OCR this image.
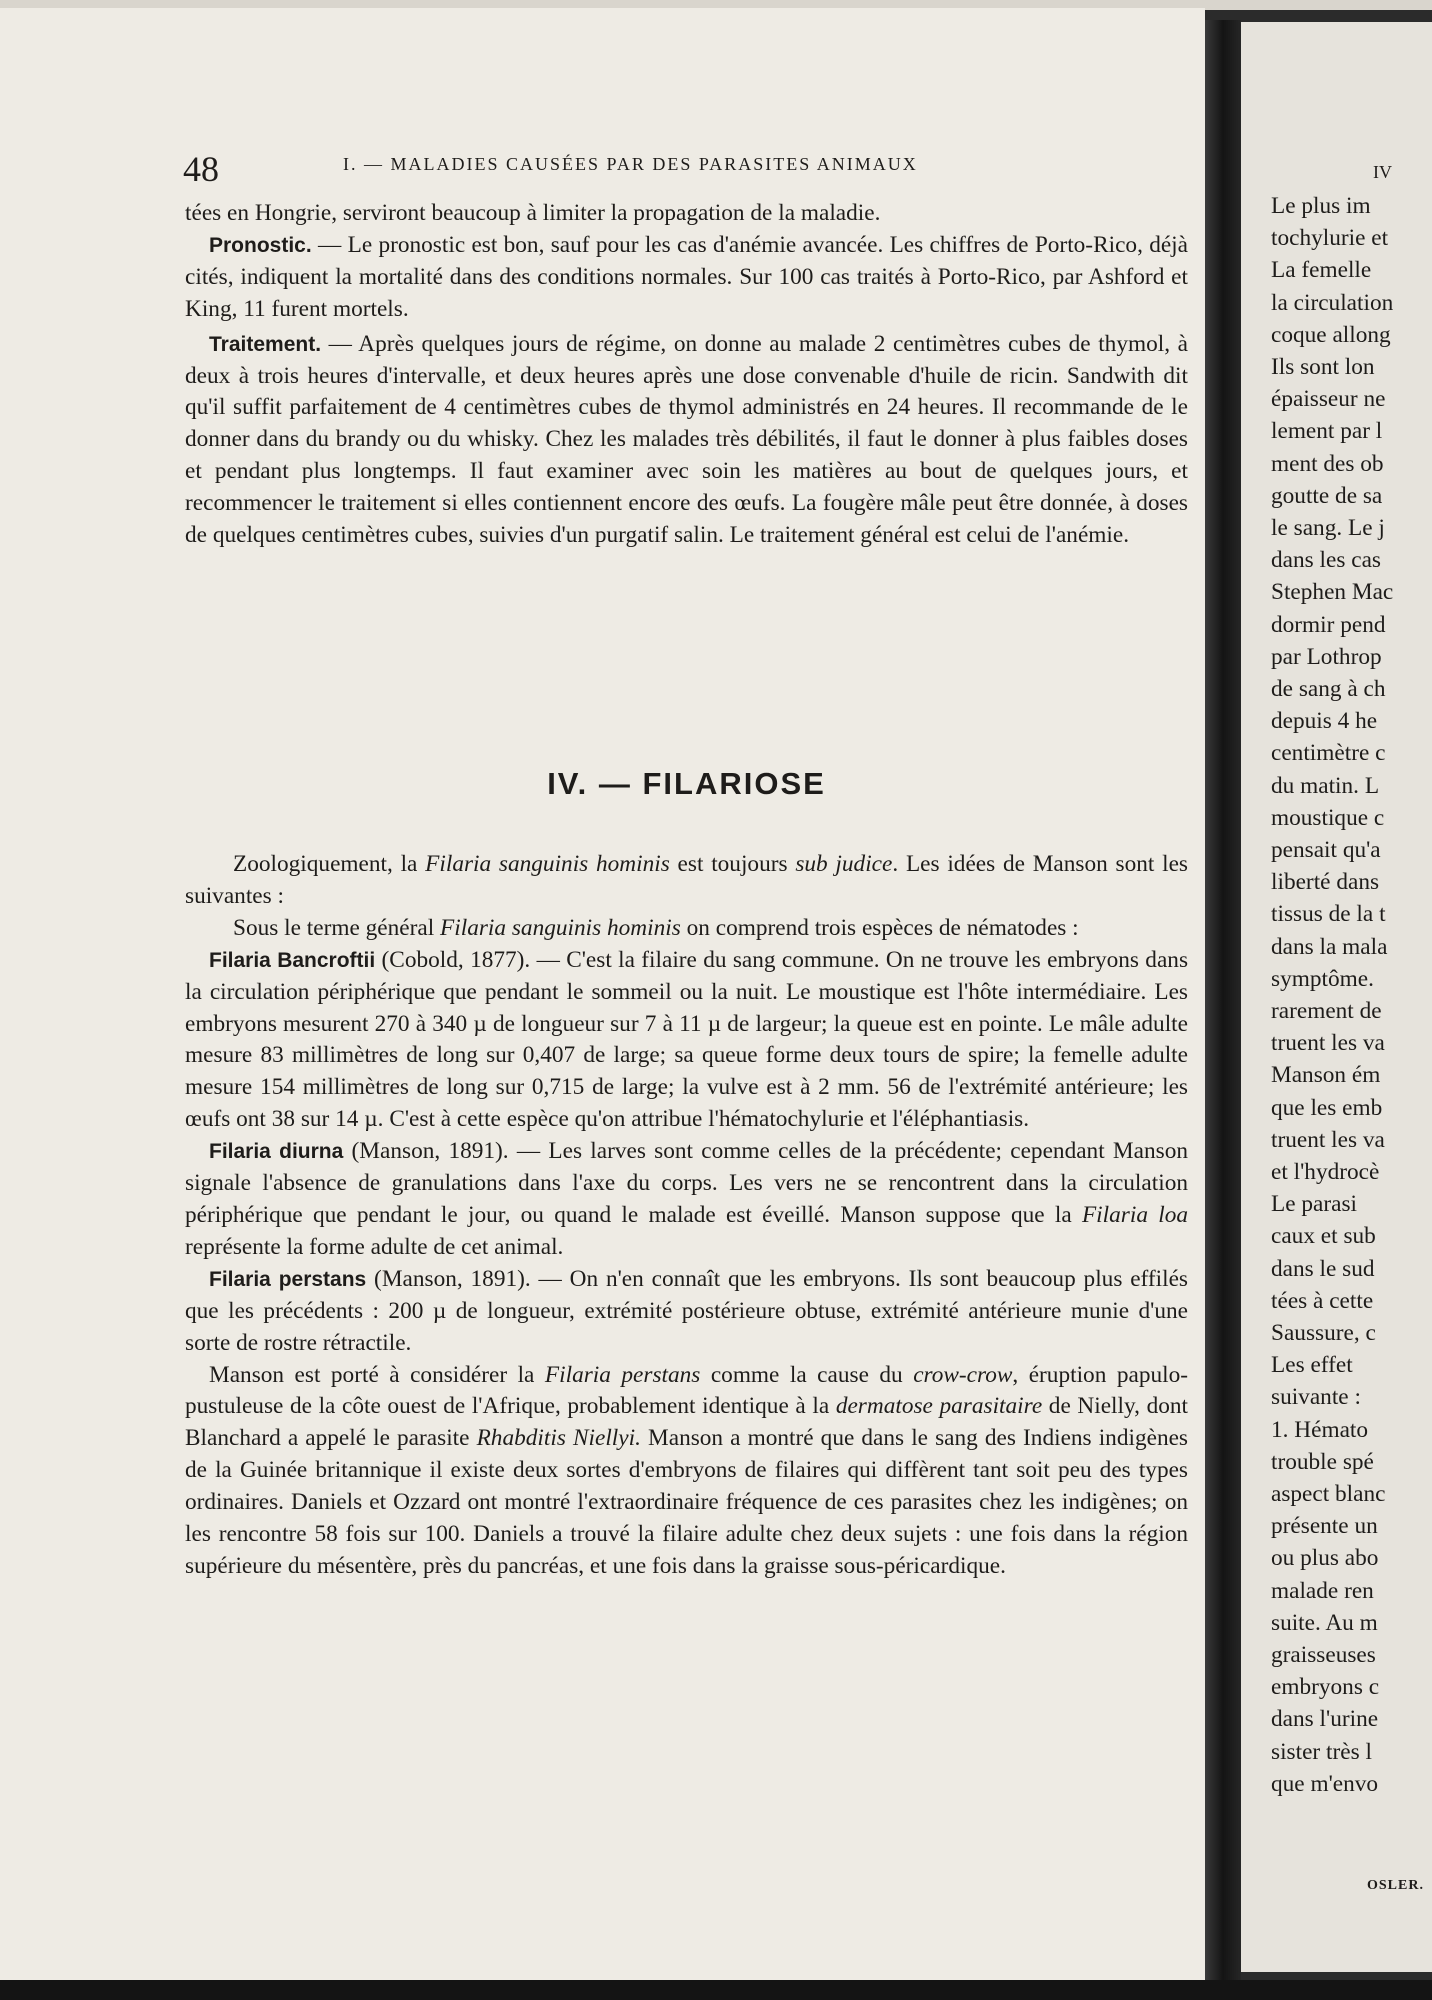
48	I. — MALADIES CAUSÉES PAR DES PARASITES ANIMAUX

tées en Hongrie, serviront beaucoup à limiter la propagation de la maladie.

Pronostic. — Le pronostic est bon, sauf pour les cas d'anémie avancée. Les chiffres de Porto-Rico, déjà cités, indiquent la mortalité dans des conditions normales. Sur 100 cas traités à Porto-Rico, par Ashford et King, 11 furent mortels.

Traitement. — Après quelques jours de régime, on donne au malade 2 centimètres cubes de thymol, à deux à trois heures d'intervalle, et deux heures après une dose convenable d'huile de ricin. Sandwith dit qu'il suffit parfaitement de 4 centimètres cubes de thymol administrés en 24 heures. Il recommande de le donner dans du brandy ou du whisky. Chez les malades très débilités, il faut le donner à plus faibles doses et pendant plus longtemps. Il faut examiner avec soin les matières au bout de quelques jours, et recommencer le traitement si elles contiennent encore des œufs. La fougère mâle peut être donnée, à doses de quelques centimètres cubes, suivies d'un purgatif salin. Le traitement général est celui de l'anémie.

IV. — FILARIOSE

Zoologiquement, la Filaria sanguinis hominis est toujours sub judice. Les idées de Manson sont les suivantes :

Sous le terme général Filaria sanguinis hominis on comprend trois espèces de nématodes :

Filaria Bancroftii (Cobold, 1877). — C'est la filaire du sang commune. On ne trouve les embryons dans la circulation périphérique que pendant le sommeil ou la nuit. Le moustique est l'hôte intermédiaire. Les embryons mesurent 270 à 340 µ de longueur sur 7 à 11 µ de largeur; la queue est en pointe. Le mâle adulte mesure 83 millimètres de long sur 0,407 de large; sa queue forme deux tours de spire; la femelle adulte mesure 154 millimètres de long sur 0,715 de large; la vulve est à 2 mm. 56 de l'extrémité antérieure; les œufs ont 38 sur 14 µ. C'est à cette espèce qu'on attribue l'hématochylurie et l'éléphantiasis.

Filaria diurna (Manson, 1891). — Les larves sont comme celles de la précédente; cependant Manson signale l'absence de granulations dans l'axe du corps. Les vers ne se rencontrent dans la circulation périphérique que pendant le jour, ou quand le malade est éveillé. Manson suppose que la Filaria loa représente la forme adulte de cet animal.

Filaria perstans (Manson, 1891). — On n'en connaît que les embryons. Ils sont beaucoup plus effilés que les précédents : 200 µ de longueur, extrémité postérieure obtuse, extrémité antérieure munie d'une sorte de rostre rétractile.

Manson est porté à considérer la Filaria perstans comme la cause du crow-crow, éruption papulo-pustuleuse de la côte ouest de l'Afrique, probablement identique à la dermatose parasitaire de Nielly, dont Blanchard a appelé le parasite Rhabditis Niellyi. Manson a montré que dans le sang des Indiens indigènes de la Guinée britannique il existe deux sortes d'embryons de filaires qui diffèrent tant soit peu des types ordinaires. Daniels et Ozzard ont montré l'extraordinaire fréquence de ces parasites chez les indigènes; on les rencontre 58 fois sur 100. Daniels a trouvé la filaire adulte chez deux sujets : une fois dans la région supérieure du mésentère, près du pancréas, et une fois dans la graisse sous-péricardique.

IV
Le plus im
tochylurie et
La femelle
la circulation
coque allong
Ils sont lon
épaisseur ne
lement par l
ment des ob
goutte de sa
le sang. Le j
dans les cas
Stephen Mac
dormir pend
par Lothrop
de sang à ch
depuis 4 he
centimètre c
du matin. L
moustique c
pensait qu'a
liberté dans
tissus de la t
dans la mala
symptôme.
rarement de
truent les va
Manson ém
que les emb
truent les va
et l'hydrocè
Le parasi
caux et sub
dans le sud
tées à cette
Saussure, c
Les effet
suivante :
1. Hémato
trouble spé
aspect blanc
présente un
ou plus abo
malade ren
suite. Au m
graisseuses
embryons c
dans l'urine
sister très l
que m'envo
OSLER.
